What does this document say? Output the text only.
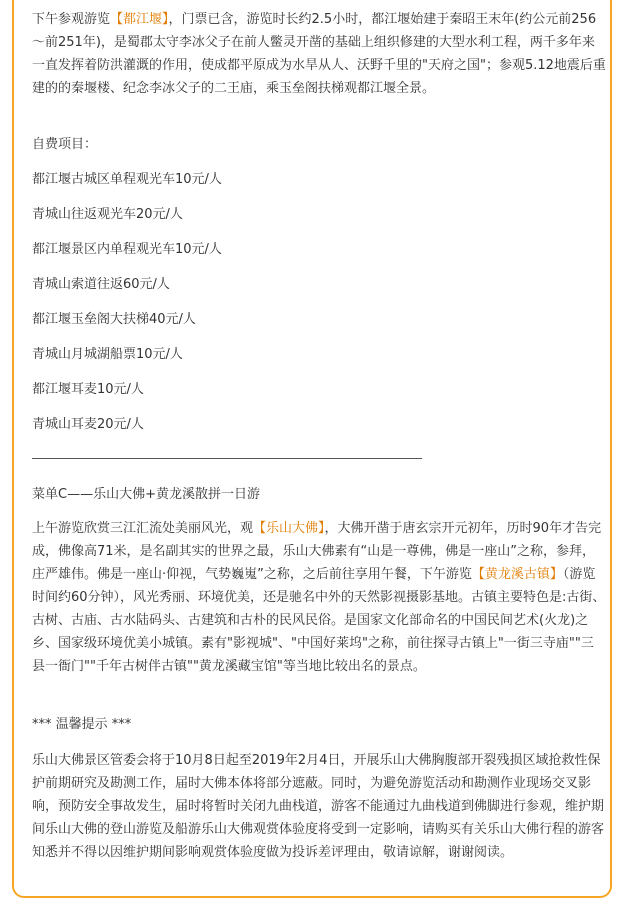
下午参观游览【都江堰】，门票已含，游览时长约2.5小时，都江堰始建于秦昭王末年(约公元前256～前251年)，是蜀郡太守李冰父子在前人鳖灵开凿的基础上组织修建的大型水利工程，两千多年来一直发挥着防洪灌溉的作用，使成都平原成为水旱从人、沃野千里的"天府之国"；参观5.12地震后重建的的秦堰楼、纪念李冰父子的二王庙，乘玉垒阁扶梯观都江堰全景。

自费项目：

都江堰古城区单程观光车10元/人

青城山往返观光车20元/人

都江堰景区内单程观光车10元/人

青城山索道往返60元/人

都江堰玉垒阁大扶梯40元/人

青城山月城湖船票10元/人

都江堰耳麦10元/人

青城山耳麦20元/人

菜单C——乐山大佛+黄龙溪散拼一日游

上午游览欣赏三江汇流处美丽风光，观【乐山大佛】，大佛开凿于唐玄宗开元初年，历时90年才告完成，佛像高71米，是名副其实的世界之最，乐山大佛素有“山是一尊佛，佛是一座山”之称，参拜，庄严雄伟。佛是一座山·仰视，气势巍嵬”之称，之后前往享用午餐，下午游览【黄龙溪古镇】（游览时间约60分钟），风光秀丽、环境优美，还是驰名中外的天然影视摄影基地。古镇主要特色是:古街、古树、古庙、古水陆码头、古建筑和古朴的民风民俗。是国家文化部命名的中国民间艺术(火龙)之乡、国家级环境优美小城镇。素有"影视城"、"中国好莱坞"之称，前往探寻古镇上"一街三寺庙""三县一衙门""千年古树伴古镇""黄龙溪藏宝馆"等当地比较出名的景点。

*** 温馨提示 ***

乐山大佛景区管委会将于10月8日起至2019年2月4日，开展乐山大佛胸腹部开裂残损区域抢救性保护前期研究及勘测工作，届时大佛本体将部分遮蔽。同时，为避免游览活动和勘测作业现场交叉影响，预防安全事故发生，届时将暂时关闭九曲栈道，游客不能通过九曲栈道到佛脚进行参观，维护期间乐山大佛的登山游览及船游乐山大佛观赏体验度将受到一定影响，请购买有关乐山大佛行程的游客知悉并不得以因维护期间影响观赏体验度做为投诉差评理由，敬请谅解，谢谢阅读。
